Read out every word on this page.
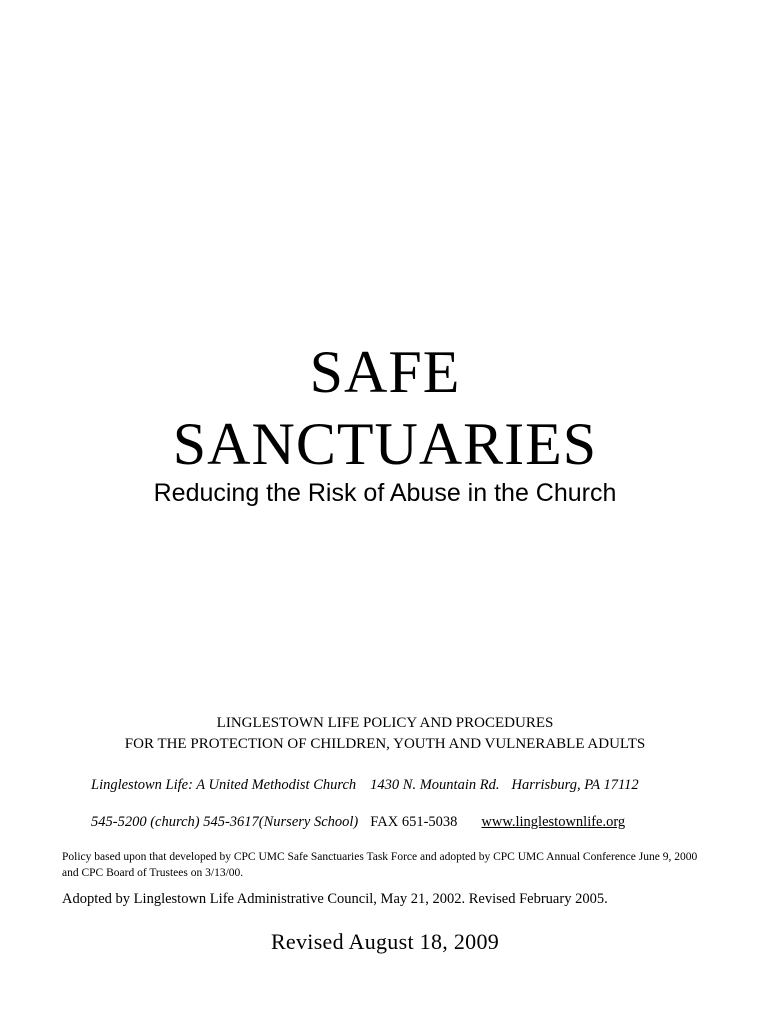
SAFE
SANCTUARIES
Reducing the Risk of Abuse in the Church
LINGLESTOWN LIFE POLICY AND PROCEDURES
FOR THE PROTECTION OF CHILDREN, YOUTH AND VULNERABLE ADULTS
Linglestown Life: A United Methodist Church 1430 N. Mountain Rd. Harrisburg, PA 17112
545-5200 (church) 545-3617(Nursery School) FAX 651-5038 www.linglestownlife.org
Policy based upon that developed by CPC UMC Safe Sanctuaries Task Force and adopted by CPC UMC Annual Conference June 9, 2000 and CPC Board of Trustees on 3/13/00.
Adopted by Linglestown Life Administrative Council, May 21, 2002. Revised February 2005.
Revised August 18, 2009
